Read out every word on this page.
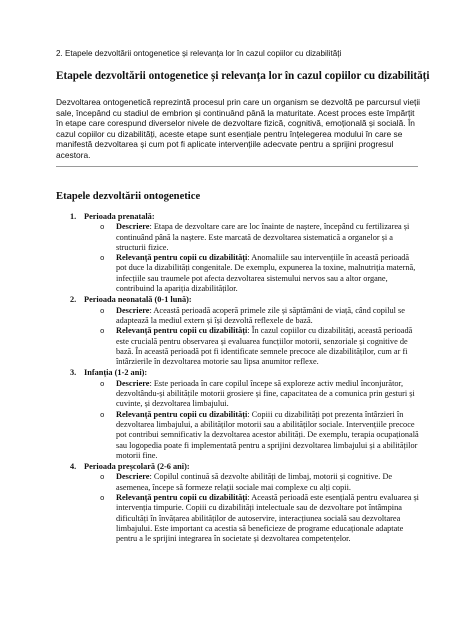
2. Etapele dezvoltării ontogenetice și relevanța lor în cazul copiilor cu dizabilități
Etapele dezvoltării ontogenetice și relevanța lor în cazul copiilor cu dizabilități
Dezvoltarea ontogenetică reprezintă procesul prin care un organism se dezvoltă pe parcursul vieții sale, începând cu stadiul de embrion și continuând până la maturitate. Acest proces este împărțit în etape care corespund diverselor nivele de dezvoltare fizică, cognitivă, emoțională și socială. În cazul copiilor cu dizabilități, aceste etape sunt esențiale pentru înțelegerea modului în care se manifestă dezvoltarea și cum pot fi aplicate intervențiile adecvate pentru a sprijini progresul acestora.
Etapele dezvoltării ontogenetice
1. Perioada prenatală:
o Descriere: Etapa de dezvoltare care are loc înainte de naștere, începând cu fertilizarea și continuând până la naștere. Este marcată de dezvoltarea sistematică a organelor și a structurii fizice.
o Relevanță pentru copii cu dizabilități: Anomaliile sau intervențiile în această perioadă pot duce la dizabilități congenitale. De exemplu, expunerea la toxine, malnutriția maternă, infecțiile sau traumele pot afecta dezvoltarea sistemului nervos sau a altor organe, contribuind la apariția dizabilităților.
2. Perioada neonatală (0-1 lună):
o Descriere: Această perioadă acoperă primele zile și săptămâni de viață, când copilul se adaptează la mediul extern și își dezvoltă reflexele de bază.
o Relevanță pentru copii cu dizabilități: În cazul copiilor cu dizabilități, această perioadă este crucială pentru observarea și evaluarea funcțiilor motorii, senzoriale și cognitive de bază. În această perioadă pot fi identificate semnele precoce ale dizabilităților, cum ar fi întârzierile în dezvoltarea motorie sau lipsa anumitor reflexe.
3. Infanția (1-2 ani):
o Descriere: Este perioada în care copilul începe să exploreze activ mediul înconjurător, dezvoltându-și abilitățile motorii grosiere și fine, capacitatea de a comunica prin gesturi și cuvinte, și dezvoltarea limbajului.
o Relevanță pentru copii cu dizabilități: Copiii cu dizabilități pot prezenta întârzieri în dezvoltarea limbajului, a abilităților motorii sau a abilităților sociale. Intervențiile precoce pot contribui semnificativ la dezvoltarea acestor abilități. De exemplu, terapia ocupațională sau logopedia poate fi implementată pentru a sprijini dezvoltarea limbajului și a abilităților motorii fine.
4. Perioada preșcolară (2-6 ani):
o Descriere: Copilul continuă să dezvolte abilități de limbaj, motorii și cognitive. De asemenea, începe să formeze relații sociale mai complexe cu alți copii.
o Relevanță pentru copii cu dizabilități: Această perioadă este esențială pentru evaluarea și intervenția timpurie. Copiii cu dizabilități intelectuale sau de dezvoltare pot întâmpina dificultăți în învățarea abilităților de autoservire, interacțiunea socială sau dezvoltarea limbajului. Este important ca acestia să beneficieze de programe educaționale adaptate pentru a le sprijini integrarea în societate și dezvoltarea competențelor.
